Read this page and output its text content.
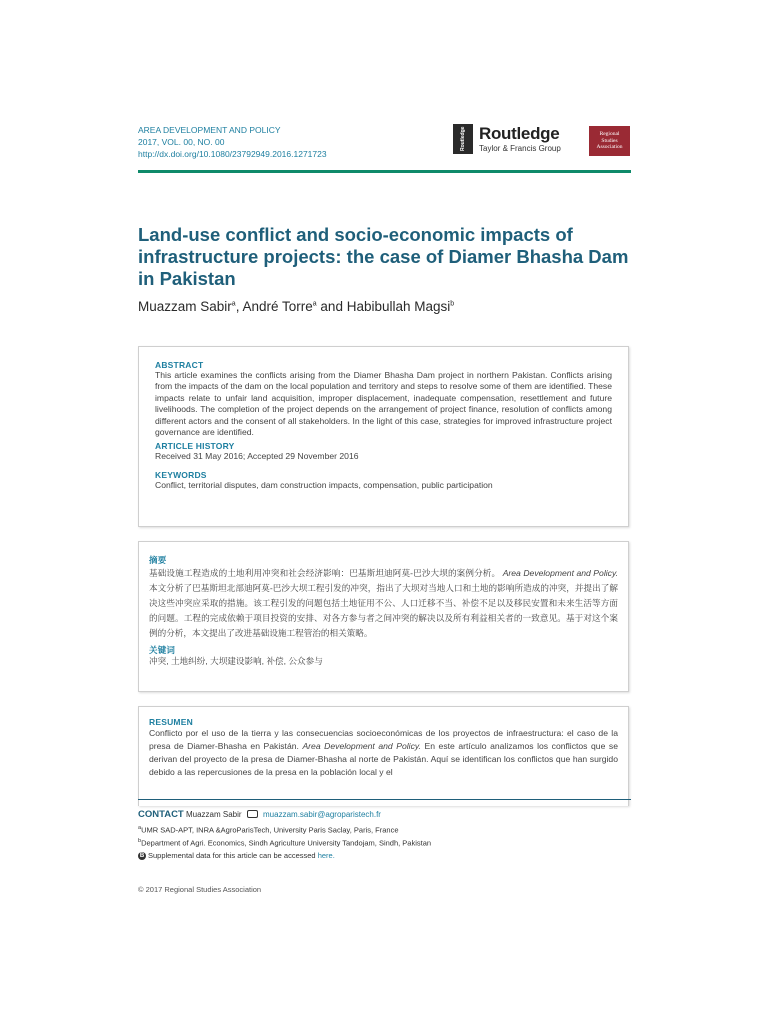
AREA DEVELOPMENT AND POLICY
2017, VOL. 00, NO. 00
http://dx.doi.org/10.1080/23792949.2016.1271723
Routledge Routledge
Taylor & Francis Group
Regional
Studies
Association
Land-use conflict and socio-economic impacts of infrastructure projects: the case of Diamer Bhasha Dam in Pakistan
Muazzam Sabir$^a$, André Torre$^a$ and Habibullah Magsi$^b$
ABSTRACT
This article examines the conflicts arising from the Diamer Bhasha Dam project in northern Pakistan. Conflicts arising from the impacts of the dam on the local population and territory and steps to resolve some of them are identified. These impacts relate to unfair land acquisition, improper displacement, inadequate compensation, resettlement and future livelihoods. The completion of the project depends on the arrangement of project finance, resolution of conflicts among different actors and the consent of all stakeholders. In the light of this case, strategies for improved infrastructure project governance are identified.
ARTICLE HISTORY
Received 31 May 2016; Accepted 29 November 2016
KEYWORDS
Conflict, territorial disputes, dam construction impacts, compensation, public participation
摘要
基础设施工程造成的土地利用冲突和社会经济影响：巴基斯坦迪阿莫-巴沙大坝的案例分析。 Area Development and Policy. 本文分析了巴基斯坦北部迪阿莫-巴沙大坝工程引发的冲突，指出了大坝对当地人口和土地的影响所造成的冲突，并提出了解决这些冲突应采取的措施。该工程引发的问题包括土地征用不公、人口迁移不当、补偿不足以及移民安置和未来生活等方面的问题。工程的完成依赖于项目投资的安排、对各方参与者之间冲突的解决以及所有利益相关者的一致意见。基于对这个案例的分析，本文提出了改进基础设施工程管治的相关策略。
关键词
冲突, 土地纠纷, 大坝建设影响, 补偿, 公众参与
RESUMEN
Conflicto por el uso de la tierra y las consecuencias socioeconómicas de los proyectos de infraestructura: el caso de la presa de Diamer-Bhasha en Pakistán. Area Development and Policy. En este artículo analizamos los conflictos que se derivan del proyecto de la presa de Diamer-Bhasha al norte de Pakistán. Aquí se identifican los conflictos que han surgido debido a las repercusiones de la presa en la población local y el
CONTACT Muazzam Sabir	muazzam.sabir@agroparistech.fr
$^a$UMR SAD-APT, INRA &AgroParisTech, University Paris Saclay, Paris, France
$^b$Department of Agri. Economics, Sindh Agriculture University Tandojam, Sindh, Pakistan
B Supplemental data for this article can be accessed here.
© 2017 Regional Studies Association
